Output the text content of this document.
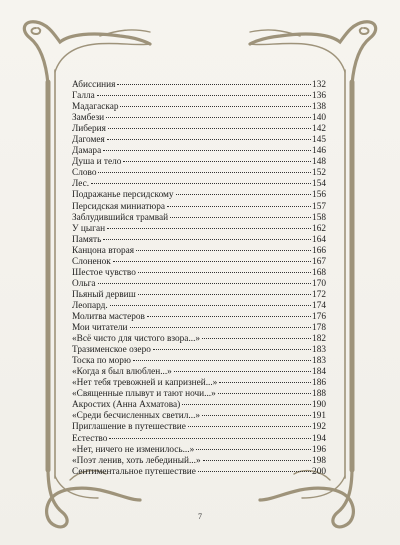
Абиссиния	132
Галла	136
Мадагаскар	138
Замбези	140
Либерия	142
Дагомея	145
Дамара	146
Душа и тело	148
Слово	152
Лес.	154
Подражанье персидскому	156
Персидская миниатюра	157
Заблудившийся трамвай	158
У цыган	162
Память	164
Канцона вторая	166
Слоненок	167
Шестое чувство	168
Ольга	170
Пьяный дервиш	172
Леопард.	174
Молитва мастеров	176
Мои читатели	178
«Всё чисто для чистого взора...»	182
Тразименское озеро	183
Тоска по морю	183
«Когда я был влюблен...»	184
«Нет тебя тревожней и капризней...»	186
«Священные плывут и тают ночи...»	188
Акростих (Анна Ахматова)	190
«Среди бесчисленных светил...»	191
Приглашение в путешествие	192
Естество	194
«Нет, ничего не изменилось...»	196
«Поэт ленив, хоть лебединый...»	198
Сентиментальное путешествие	200
7
